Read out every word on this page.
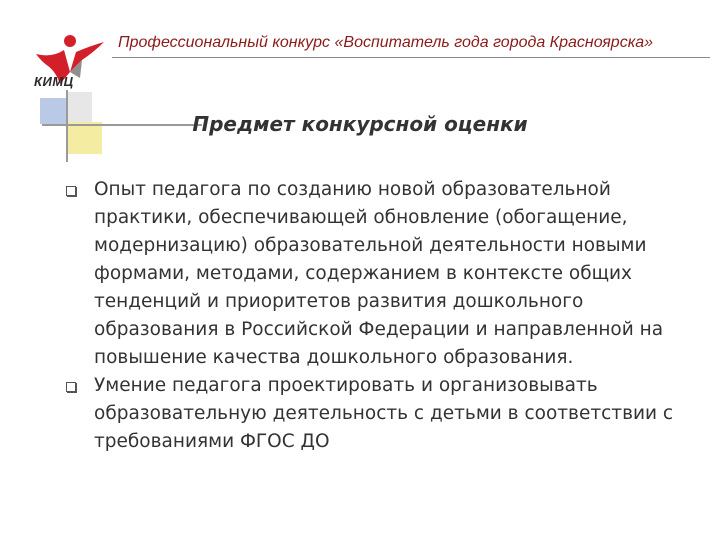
Профессиональный конкурс «Воспитатель года города Красноярска»
КИМЦ
Предмет конкурсной оценки
Опыт педагога по созданию новой образовательной практики, обеспечивающей обновление (обогащение, модернизацию) образовательной деятельности новыми формами, методами, содержанием в контексте общих тенденций и приоритетов развития дошкольного образования в Российской Федерации и направленной на повышение качества дошкольного образования.
Умение педагога проектировать и организовывать образовательную деятельность с детьми в соответствии с требованиями ФГОС ДО
